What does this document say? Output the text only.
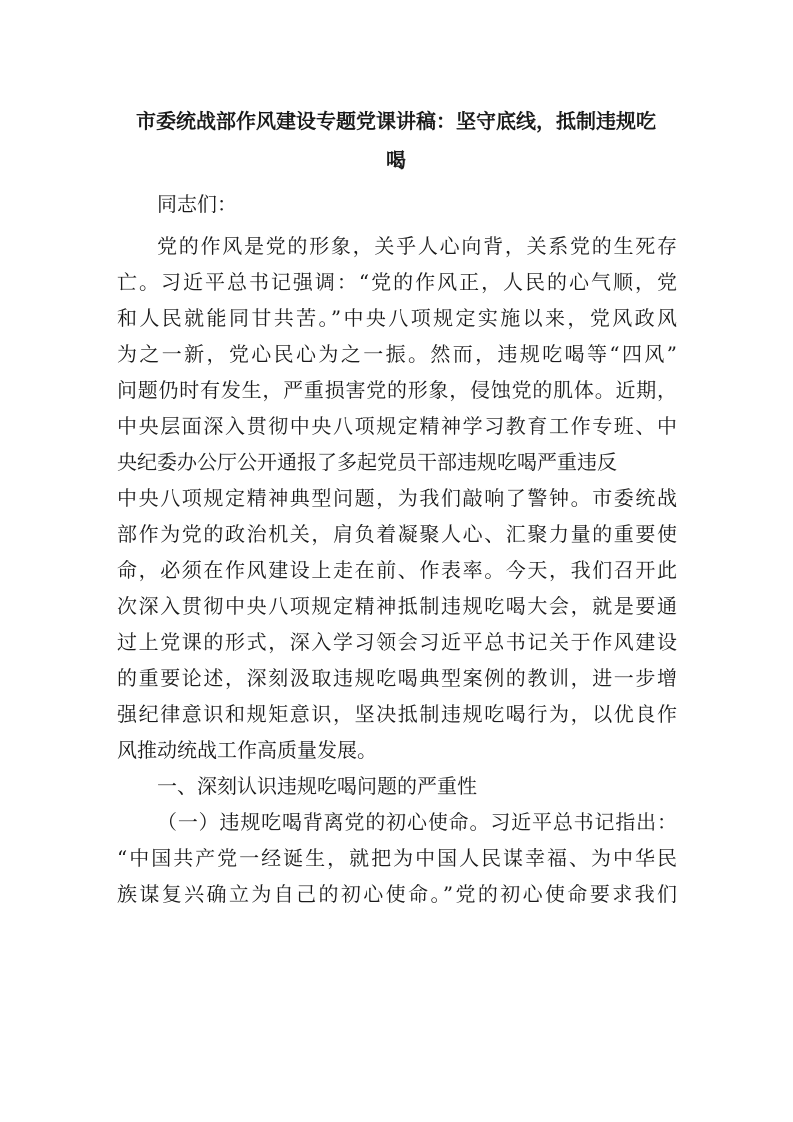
市委统战部作风建设专题党课讲稿：坚守底线，抵制违规吃
喝
同志们：
党的作风是党的形象，关乎人心向背，关系党的生死存
亡。习近平总书记强调：“党的作风正，人民的心气顺，党
和人民就能同甘共苦。”中央八项规定实施以来，党风政风
为之一新，党心民心为之一振。然而，违规吃喝等“四风”
问题仍时有发生，严重损害党的形象，侵蚀党的肌体。近期，
中央层面深入贯彻中央八项规定精神学习教育工作专班、中
央纪委办公厅公开通报了多起党员干部违规吃喝严重违反
中央八项规定精神典型问题，为我们敲响了警钟。市委统战
部作为党的政治机关，肩负着凝聚人心、汇聚力量的重要使
命，必须在作风建设上走在前、作表率。今天，我们召开此
次深入贯彻中央八项规定精神抵制违规吃喝大会，就是要通
过上党课的形式，深入学习领会习近平总书记关于作风建设
的重要论述，深刻汲取违规吃喝典型案例的教训，进一步增
强纪律意识和规矩意识，坚决抵制违规吃喝行为，以优良作
风推动统战工作高质量发展。
一、深刻认识违规吃喝问题的严重性
（一）违规吃喝背离党的初心使命。习近平总书记指出：
“中国共产党一经诞生，就把为中国人民谋幸福、为中华民
族谋复兴确立为自己的初心使命。”党的初心使命要求我们
